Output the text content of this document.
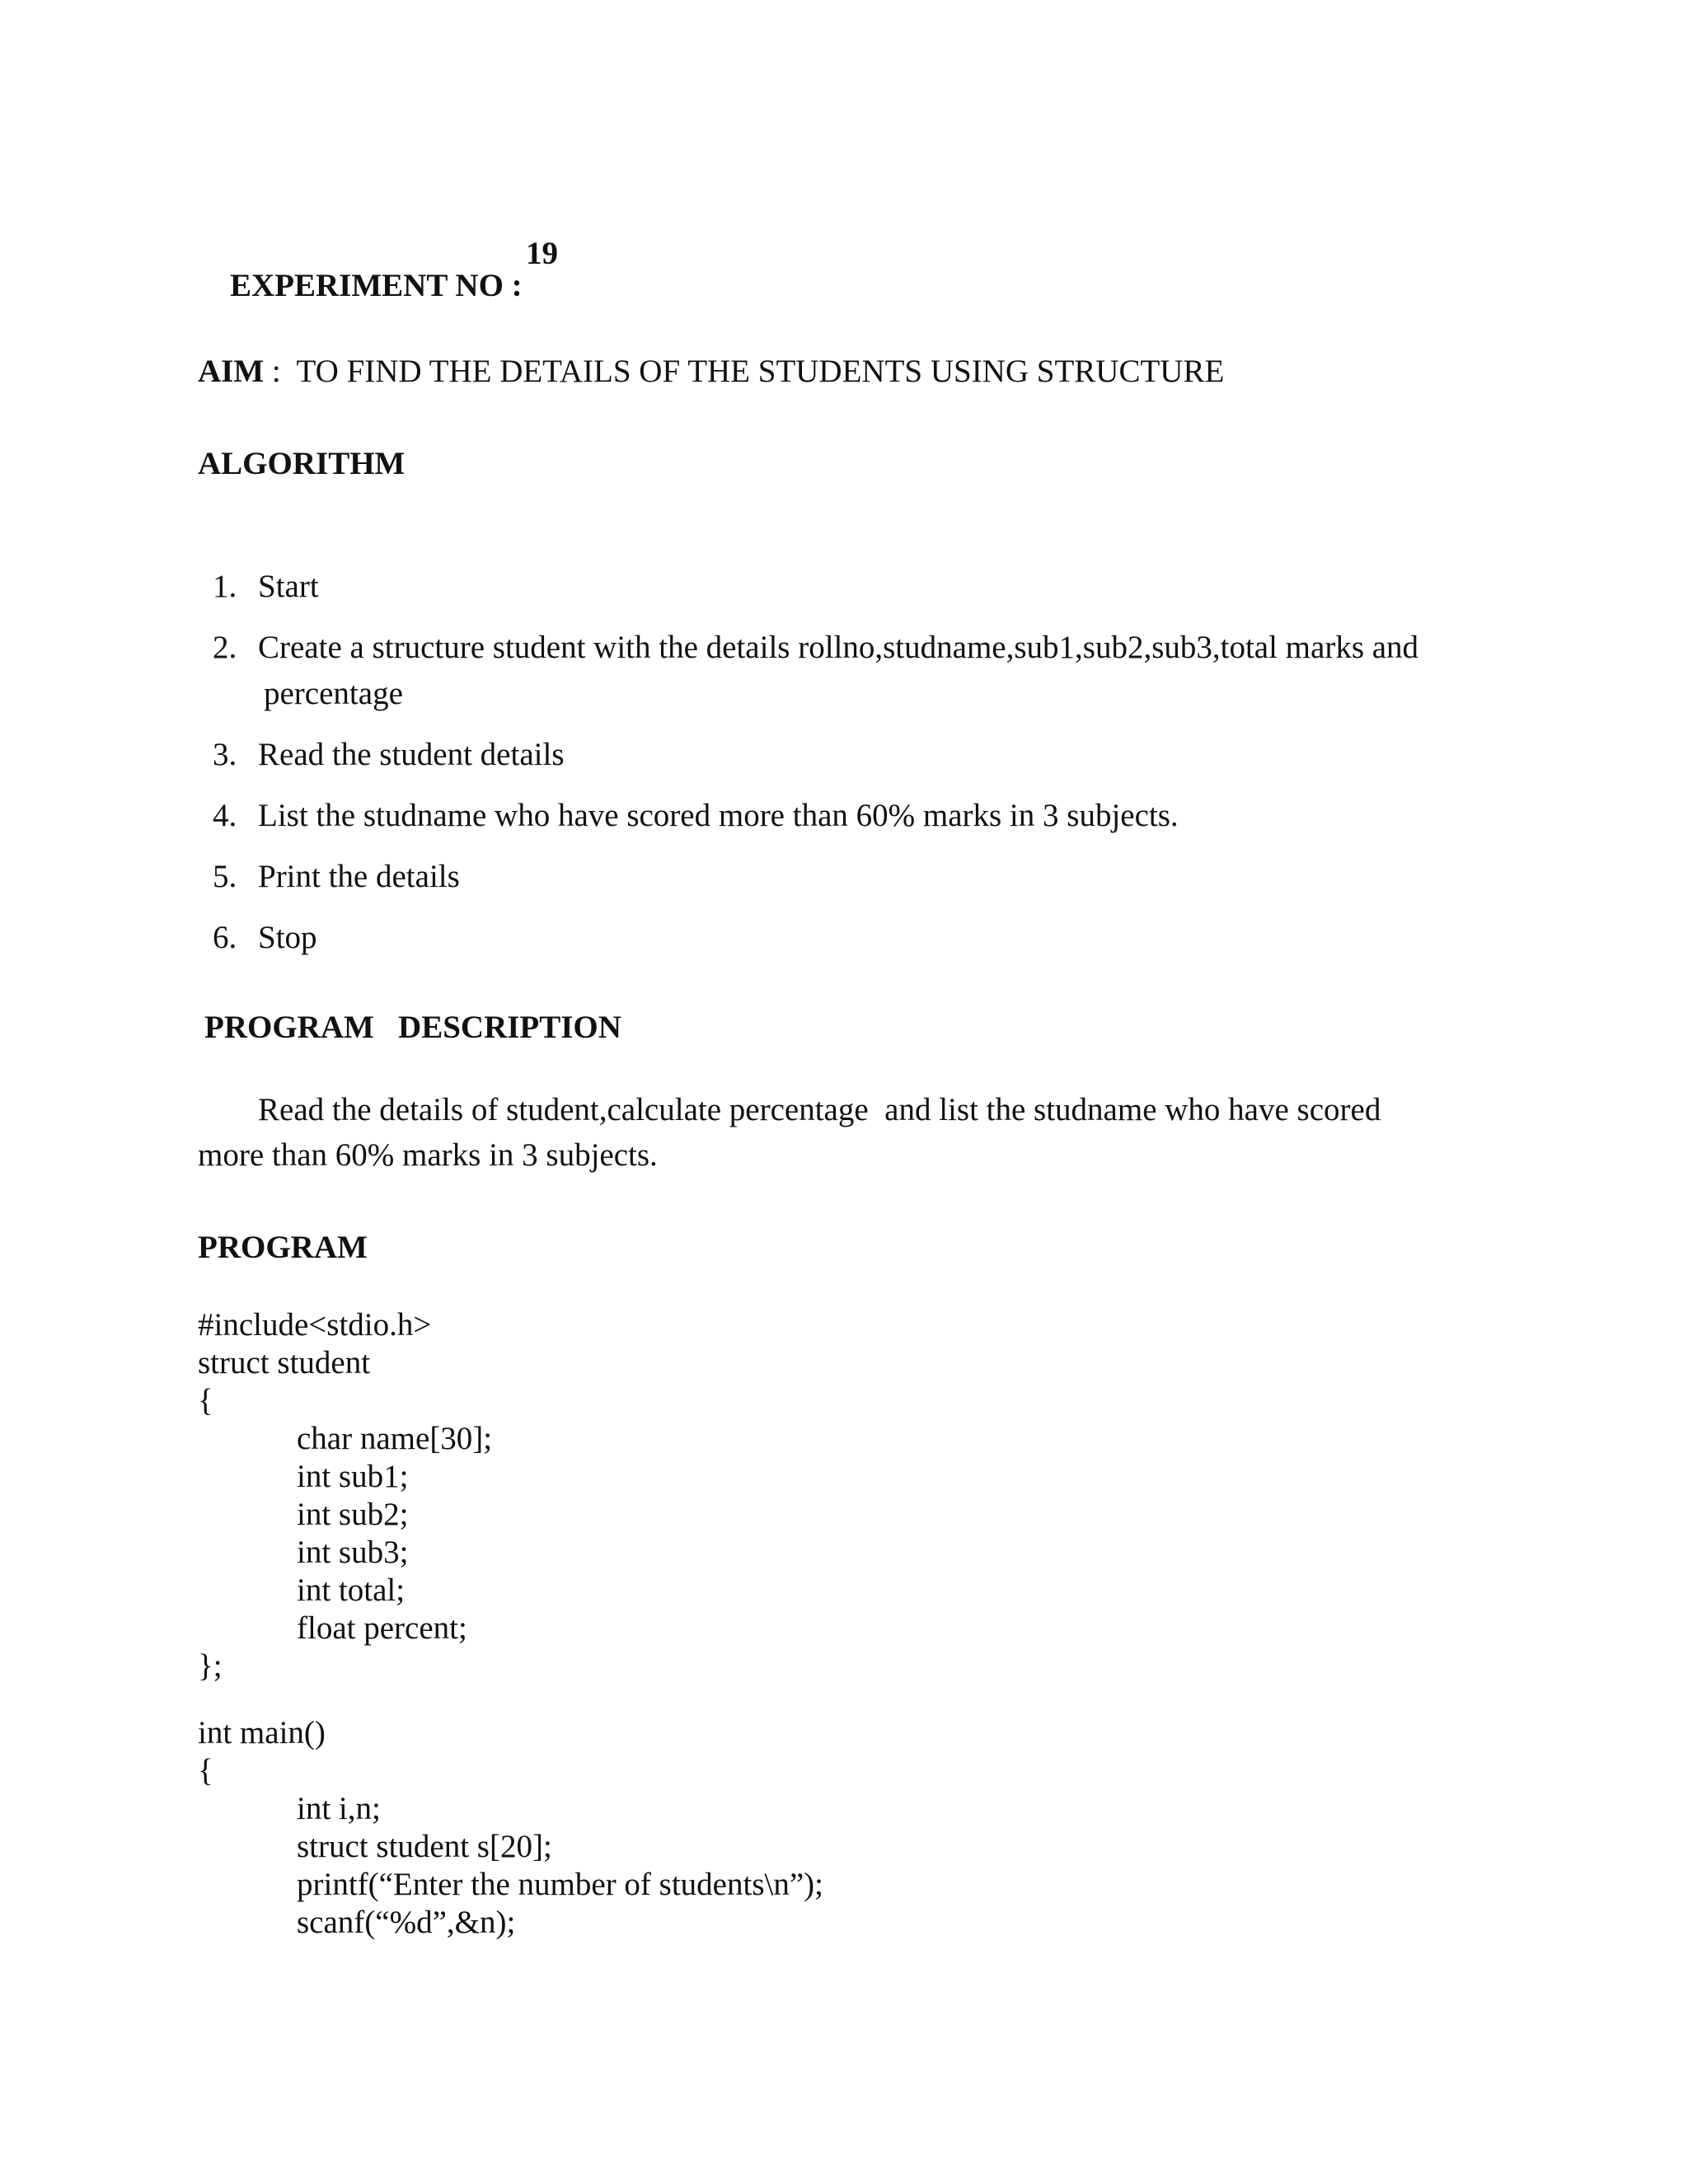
EXPERIMENT NO :

19
AIM :  TO FIND THE DETAILS OF THE STUDENTS USING STRUCTURE
ALGORITHM
1. Start
2. Create a structure student with the details rollno,studname,sub1,sub2,sub3,total marks and
percentage
3. Read the student details
4. List the studname who have scored more than 60% marks in 3 subjects.
5. Print the details
6. Stop
PROGRAM   DESCRIPTION
Read the details of student,calculate percentage  and list the studname who have scored
more than 60% marks in 3 subjects.
PROGRAM
#include<stdio.h>
struct student
{
char name[30];
int sub1;
int sub2;
int sub3;
int total;
float percent;
};
int main()
{
int i,n;
struct student s[20];
printf(“Enter the number of students\n”);
scanf(“%d”,&n);
